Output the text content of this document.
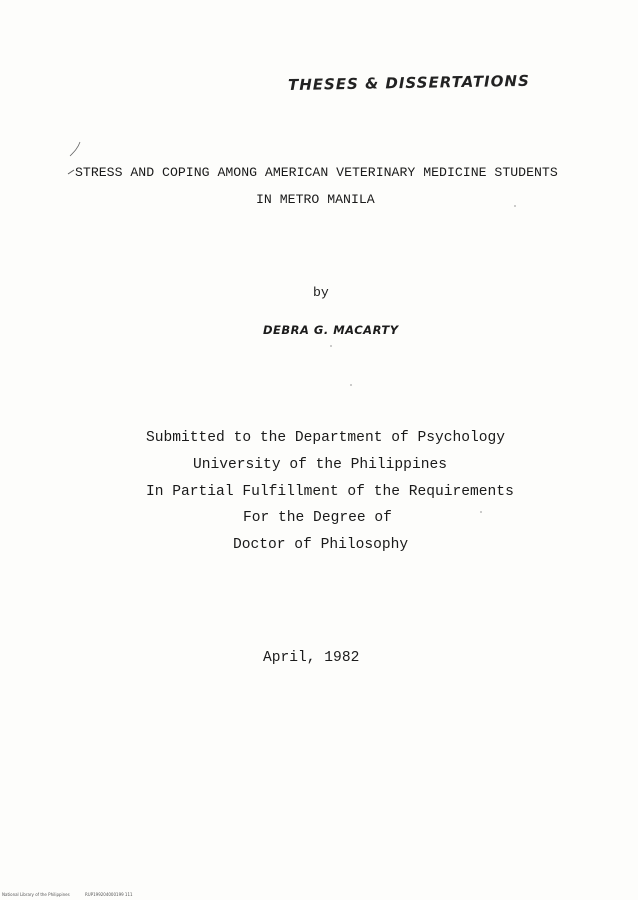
THESES & DISSERTATIONS
STRESS AND COPING AMONG AMERICAN VETERINARY MEDICINE STUDENTS
IN METRO MANILA
by
DEBRA G. MACARTY
Submitted to the Department of Psychology
University of the Philippines
In Partial Fulfillment of the Requirements
For the Degree of
Doctor of Philosophy
April, 1982
National Library of the Philippines	RUP199204000199 111
